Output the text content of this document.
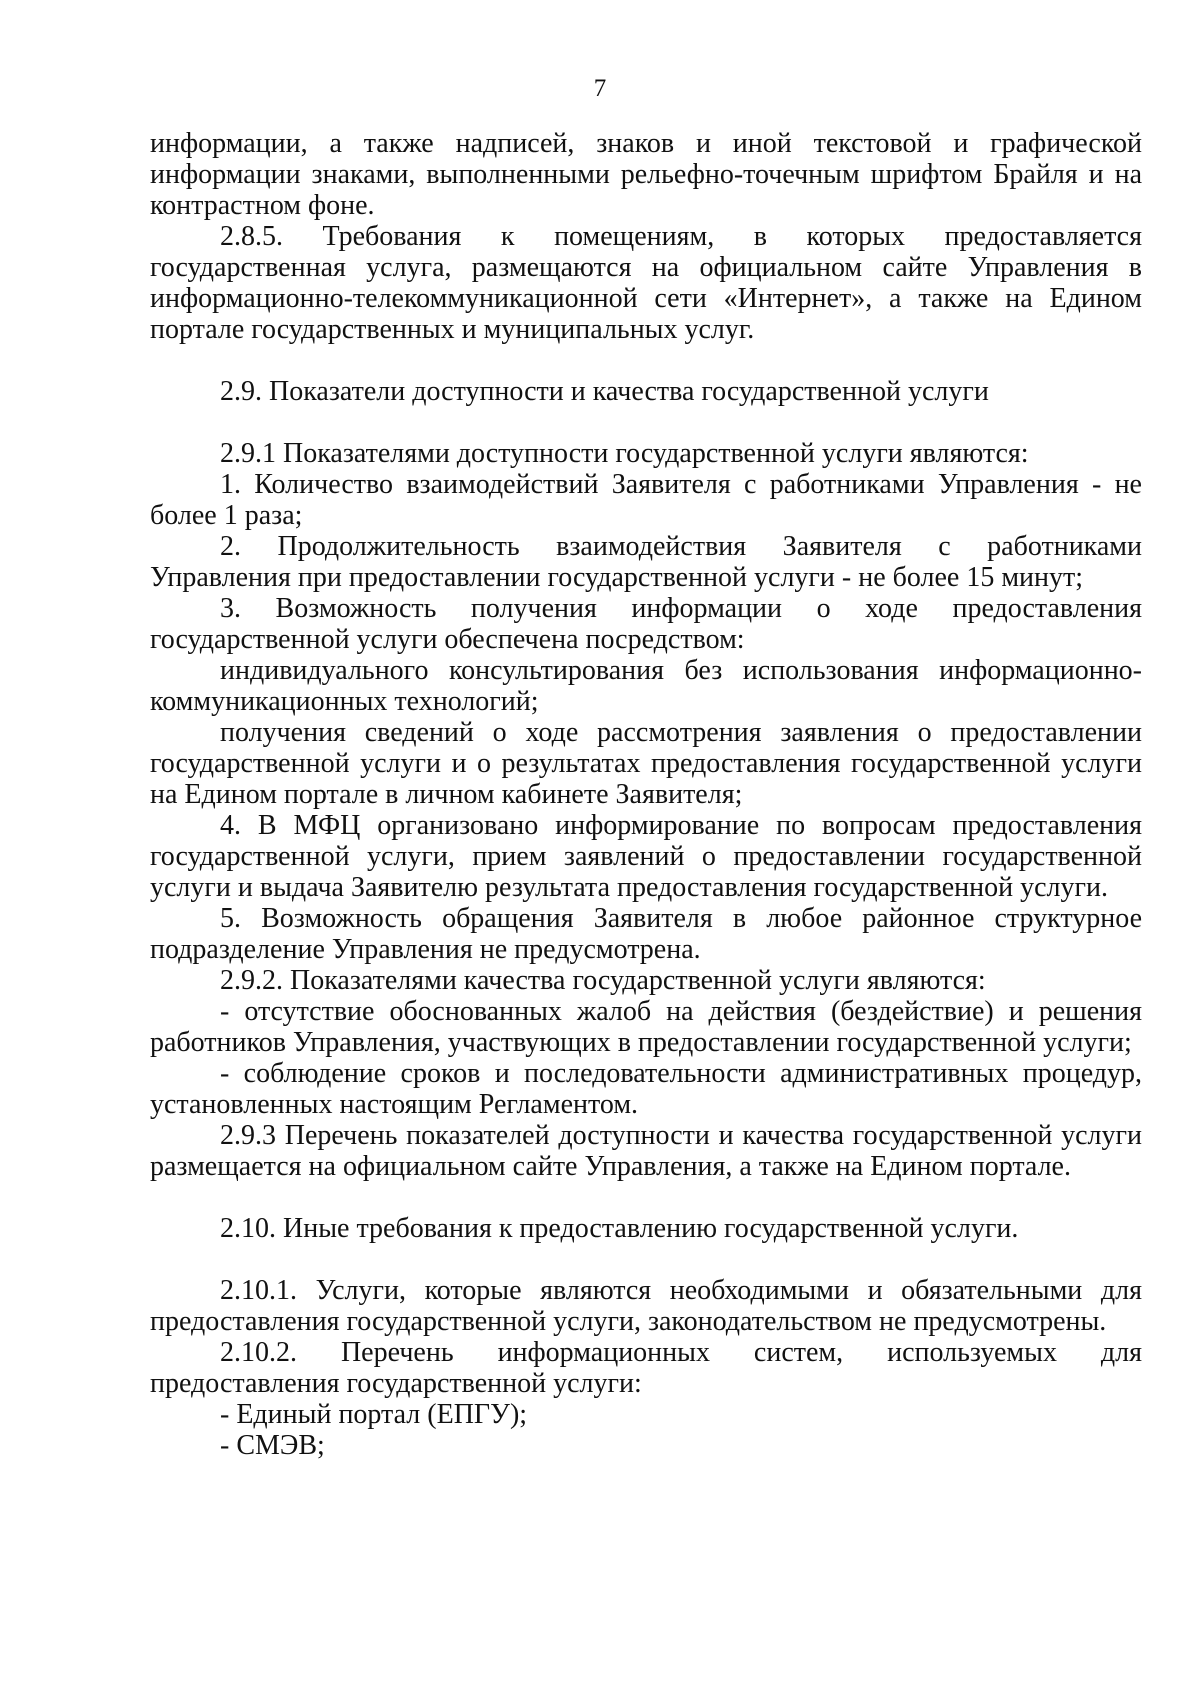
7

информации, а также надписей, знаков и иной текстовой и графической информации знаками, выполненными рельефно-точечным шрифтом Брайля и на контрастном фоне.

2.8.5. Требования к помещениям, в которых предоставляется государственная услуга, размещаются на официальном сайте Управления в информационно-телекоммуникационной сети «Интернет», а также на Едином портале государственных и муниципальных услуг.

2.9. Показатели доступности и качества государственной услуги

2.9.1 Показателями доступности государственной услуги являются:

1. Количество взаимодействий Заявителя с работниками Управления - не более 1 раза;

2. Продолжительность взаимодействия Заявителя с работниками Управления при предоставлении государственной услуги - не более 15 минут;

3. Возможность получения информации о ходе предоставления государственной услуги обеспечена посредством:

индивидуального консультирования без использования информационно-коммуникационных технологий;

получения сведений о ходе рассмотрения заявления о предоставлении государственной услуги и о результатах предоставления государственной услуги на Едином портале в личном кабинете Заявителя;

4. В МФЦ организовано информирование по вопросам предоставления государственной услуги, прием заявлений о предоставлении государственной услуги и выдача Заявителю результата предоставления государственной услуги.

5. Возможность обращения Заявителя в любое районное структурное подразделение Управления не предусмотрена.

2.9.2. Показателями качества государственной услуги являются:

- отсутствие обоснованных жалоб на действия (бездействие) и решения работников Управления, участвующих в предоставлении государственной услуги;

- соблюдение сроков и последовательности административных процедур, установленных настоящим Регламентом.

2.9.3 Перечень показателей доступности и качества государственной услуги размещается на официальном сайте Управления, а также на Едином портале.

2.10. Иные требования к предоставлению государственной услуги.

2.10.1. Услуги, которые являются необходимыми и обязательными для предоставления государственной услуги, законодательством не предусмотрены.

2.10.2. Перечень информационных систем, используемых для предоставления государственной услуги:

- Единый портал (ЕПГУ);

- СМЭВ;
